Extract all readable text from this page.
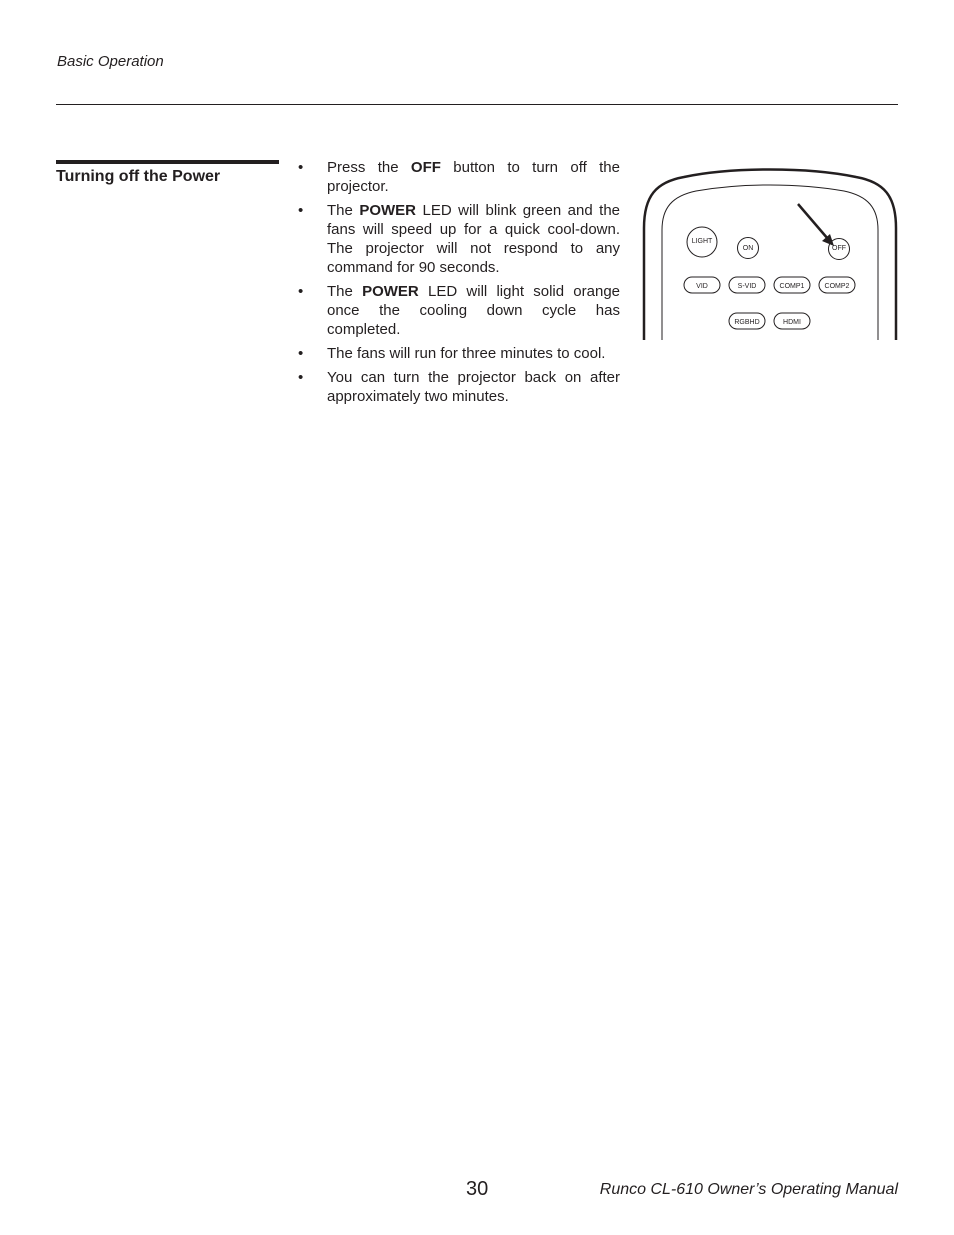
Basic Operation
Turning off the Power
• Press the OFF button to turn off the projector.
• The POWER LED will blink green and the fans will speed up for a quick cool-down. The projector will not respond to any command for 90 seconds.
• The POWER LED will light solid orange once the cooling down cycle has completed.
• The fans will run for three minutes to cool.
• You can turn the projector back on after approximately two minutes.
LIGHT
ON	OFF
VID	S-VID	COMP1	COMP2
RGBHD	HDMI
30	Runco CL-610 Owner’s Operating Manual
